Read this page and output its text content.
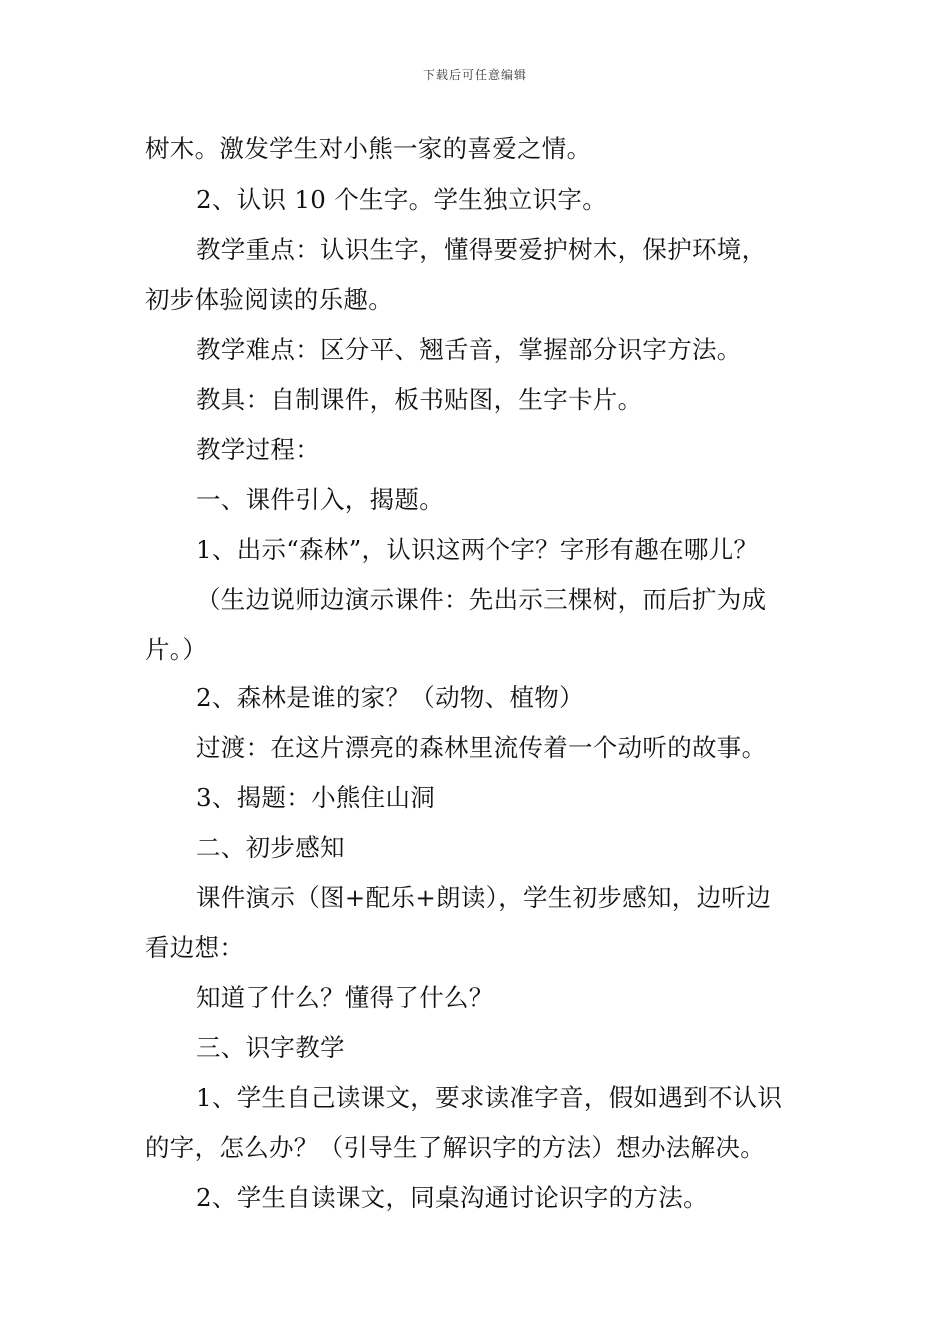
下载后可任意编辑
树木。激发学生对小熊一家的喜爱之情。
2、认识 10 个生字。学生独立识字。
教学重点：认识生字，懂得要爱护树木，保护环境，
初步体验阅读的乐趣。
教学难点：区分平、翘舌音，掌握部分识字方法。
教具：自制课件，板书贴图，生字卡片。
教学过程：
一、课件引入，揭题。
1、出示“森林”，认识这两个字？字形有趣在哪儿？
（生边说师边演示课件：先出示三棵树，而后扩为成
片。）
2、森林是谁的家？（动物、植物）
过渡：在这片漂亮的森林里流传着一个动听的故事。
3、揭题：小熊住山洞
二、初步感知
课件演示（图+配乐+朗读），学生初步感知，边听边
看边想：
知道了什么？懂得了什么？
三、识字教学
1、学生自己读课文，要求读准字音，假如遇到不认识
的字，怎么办？（引导生了解识字的方法）想办法解决。
2、学生自读课文，同桌沟通讨论识字的方法。
